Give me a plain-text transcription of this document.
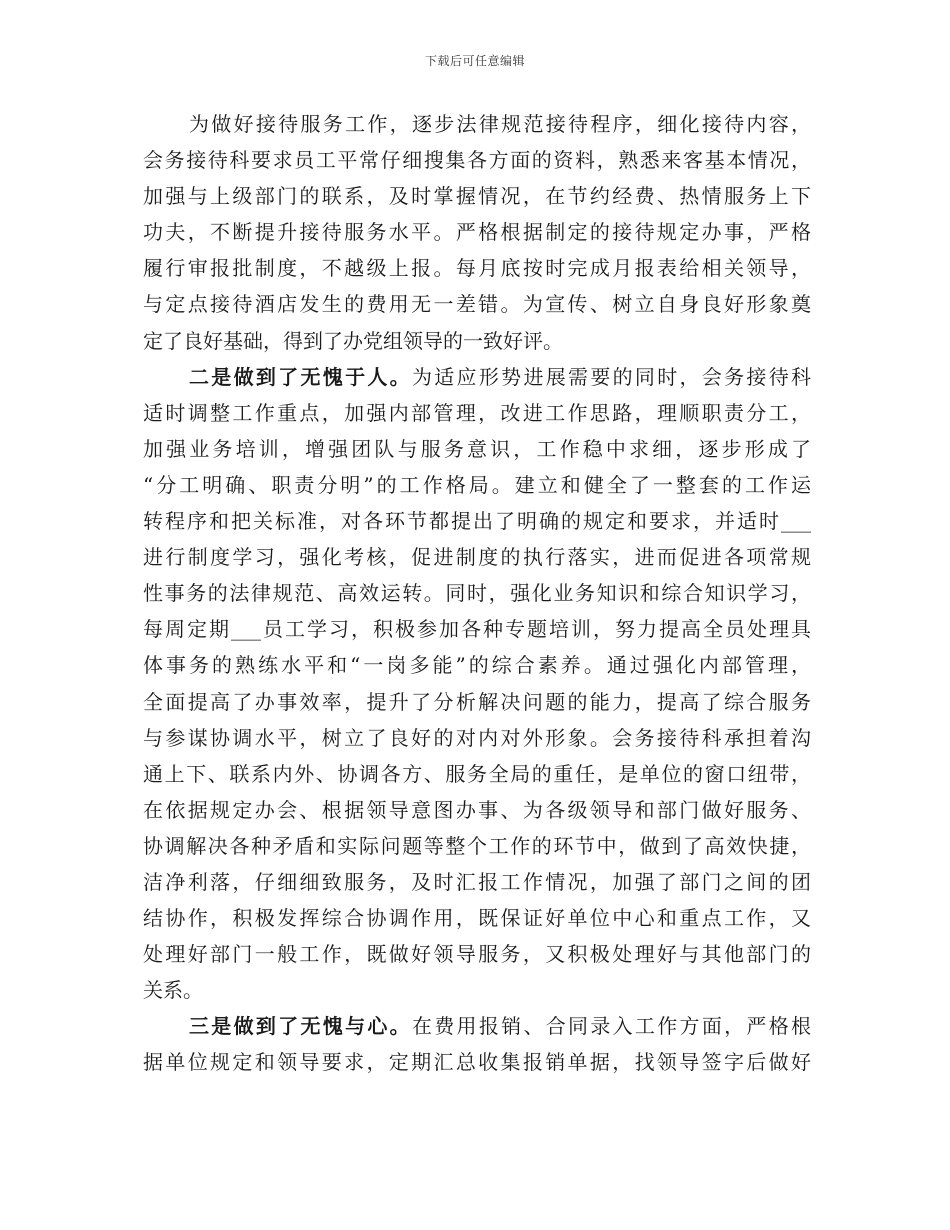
下载后可任意编辑
为做好接待服务工作，逐步法律规范接待程序，细化接待内容，
会务接待科要求员工平常仔细搜集各方面的资料，熟悉来客基本情况，
加强与上级部门的联系，及时掌握情况，在节约经费、热情服务上下
功夫，不断提升接待服务水平。严格根据制定的接待规定办事，严格
履行审报批制度，不越级上报。每月底按时完成月报表给相关领导，
与定点接待酒店发生的费用无一差错。为宣传、树立自身良好形象奠
定了良好基础，得到了办党组领导的一致好评。
二是做到了无愧于人。为适应形势进展需要的同时，会务接待科
适时调整工作重点，加强内部管理，改进工作思路，理顺职责分工，
加强业务培训，增强团队与服务意识，工作稳中求细，逐步形成了
“分工明确、职责分明”的工作格局。建立和健全了一整套的工作运
转程序和把关标准，对各环节都提出了明确的规定和要求，并适时___
进行制度学习，强化考核，促进制度的执行落实，进而促进各项常规
性事务的法律规范、高效运转。同时，强化业务知识和综合知识学习，
每周定期___员工学习，积极参加各种专题培训，努力提高全员处理具
体事务的熟练水平和“一岗多能”的综合素养。通过强化内部管理，
全面提高了办事效率，提升了分析解决问题的能力，提高了综合服务
与参谋协调水平，树立了良好的对内对外形象。会务接待科承担着沟
通上下、联系内外、协调各方、服务全局的重任，是单位的窗口纽带，
在依据规定办会、根据领导意图办事、为各级领导和部门做好服务、
协调解决各种矛盾和实际问题等整个工作的环节中，做到了高效快捷，
洁净利落，仔细细致服务，及时汇报工作情况，加强了部门之间的团
结协作，积极发挥综合协调作用，既保证好单位中心和重点工作，又
处理好部门一般工作，既做好领导服务，又积极处理好与其他部门的
关系。
三是做到了无愧与心。在费用报销、合同录入工作方面，严格根
据单位规定和领导要求，定期汇总收集报销单据，找领导签字后做好
